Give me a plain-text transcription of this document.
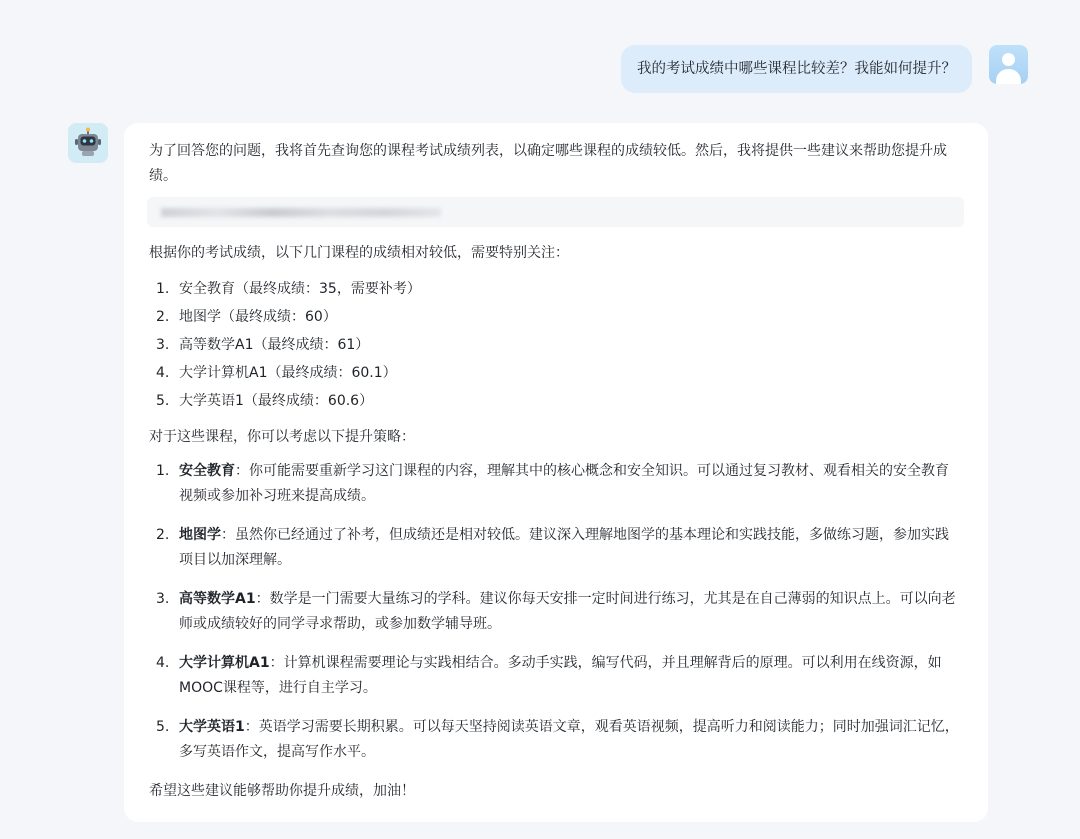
我的考试成绩中哪些课程比较差？我能如何提升？

为了回答您的问题，我将首先查询您的课程考试成绩列表，以确定哪些课程的成绩较低。然后，我将提供一些建议来帮助您提升成绩。

根据你的考试成绩，以下几门课程的成绩相对较低，需要特别关注：

1. 安全教育（最终成绩：35，需要补考）
2. 地图学（最终成绩：60）
3. 高等数学A1（最终成绩：61）
4. 大学计算机A1（最终成绩：60.1）
5. 大学英语1（最终成绩：60.6）

对于这些课程，你可以考虑以下提升策略：

1. 安全教育：你可能需要重新学习这门课程的内容，理解其中的核心概念和安全知识。可以通过复习教材、观看相关的安全教育视频或参加补习班来提高成绩。
2. 地图学：虽然你已经通过了补考，但成绩还是相对较低。建议深入理解地图学的基本理论和实践技能，多做练习题，参加实践项目以加深理解。
3. 高等数学A1：数学是一门需要大量练习的学科。建议你每天安排一定时间进行练习，尤其是在自己薄弱的知识点上。可以向老师或成绩较好的同学寻求帮助，或参加数学辅导班。
4. 大学计算机A1：计算机课程需要理论与实践相结合。多动手实践，编写代码，并且理解背后的原理。可以利用在线资源，如MOOC课程等，进行自主学习。
5. 大学英语1：英语学习需要长期积累。可以每天坚持阅读英语文章，观看英语视频，提高听力和阅读能力；同时加强词汇记忆，多写英语作文，提高写作水平。

希望这些建议能够帮助你提升成绩，加油！
